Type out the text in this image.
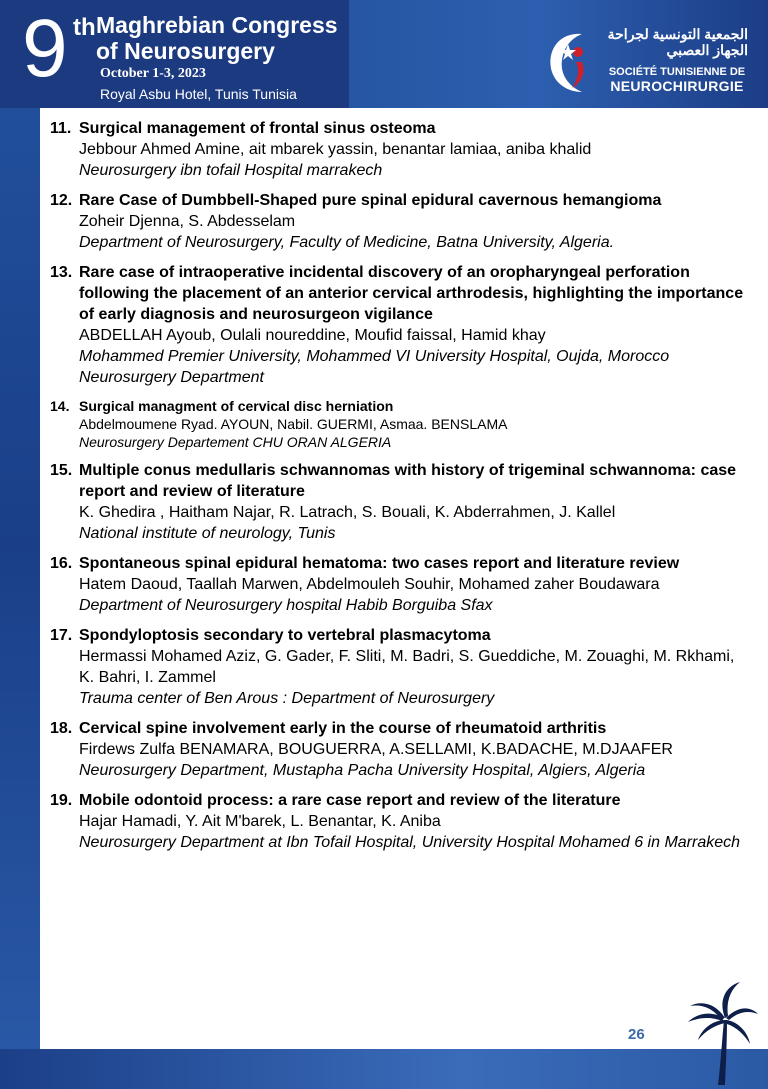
9 th Maghrebian Congress
of Neurosurgery
October 1-3, 2023
Royal Asbu Hotel, Tunis Tunisia
الجمعية التونسية لجراحة
الجهاز العصبي
SOCIÉTÉ TUNISIENNE DE
NEUROCHIRURGIE
11. Surgical management of frontal sinus osteoma
Jebbour Ahmed Amine, ait mbarek yassin, benantar lamiaa, aniba khalid
Neurosurgery ibn tofail Hospital marrakech
12. Rare Case of Dumbbell-Shaped pure spinal epidural cavernous hemangioma
Zoheir Djenna, S. Abdesselam
Department of Neurosurgery, Faculty of Medicine, Batna University, Algeria.
13. Rare case of intraoperative incidental discovery of an oropharyngeal perforation following the placement of an anterior cervical arthrodesis, highlighting the importance of early diagnosis and neurosurgeon vigilance
ABDELLAH Ayoub, Oulali noureddine, Moufid faissal, Hamid khay
Mohammed Premier University, Mohammed VI University Hospital, Oujda, Morocco Neurosurgery Department
14. Surgical managment of cervical disc herniation
Abdelmoumene Ryad. AYOUN, Nabil. GUERMI, Asmaa. BENSLAMA
Neurosurgery Departement CHU ORAN ALGERIA
15. Multiple conus medullaris schwannomas with history of trigeminal schwannoma: case report and review of literature
K. Ghedira , Haitham Najar, R. Latrach, S. Bouali, K. Abderrahmen, J. Kallel
National institute of neurology, Tunis
16. Spontaneous spinal epidural hematoma: two cases report and literature review
Hatem Daoud, Taallah Marwen, Abdelmouleh Souhir, Mohamed zaher Boudawara
Department of Neurosurgery hospital Habib Borguiba Sfax
17. Spondyloptosis secondary to vertebral plasmacytoma
Hermassi Mohamed Aziz, G. Gader, F. Sliti, M. Badri, S. Gueddiche, M. Zouaghi, M. Rkhami, K. Bahri, I. Zammel
Trauma center of Ben Arous : Department of Neurosurgery
18. Cervical spine involvement early in the course of rheumatoid arthritis
Firdews Zulfa BENAMARA, BOUGUERRA, A.SELLAMI, K.BADACHE, M.DJAAFER
Neurosurgery Department, Mustapha Pacha University Hospital, Algiers, Algeria
19. Mobile odontoid process: a rare case report and review of the literature
Hajar Hamadi, Y. Ait M'barek, L. Benantar, K. Aniba
Neurosurgery Department at Ibn Tofail Hospital, University Hospital Mohamed 6 in Marrakech
26
